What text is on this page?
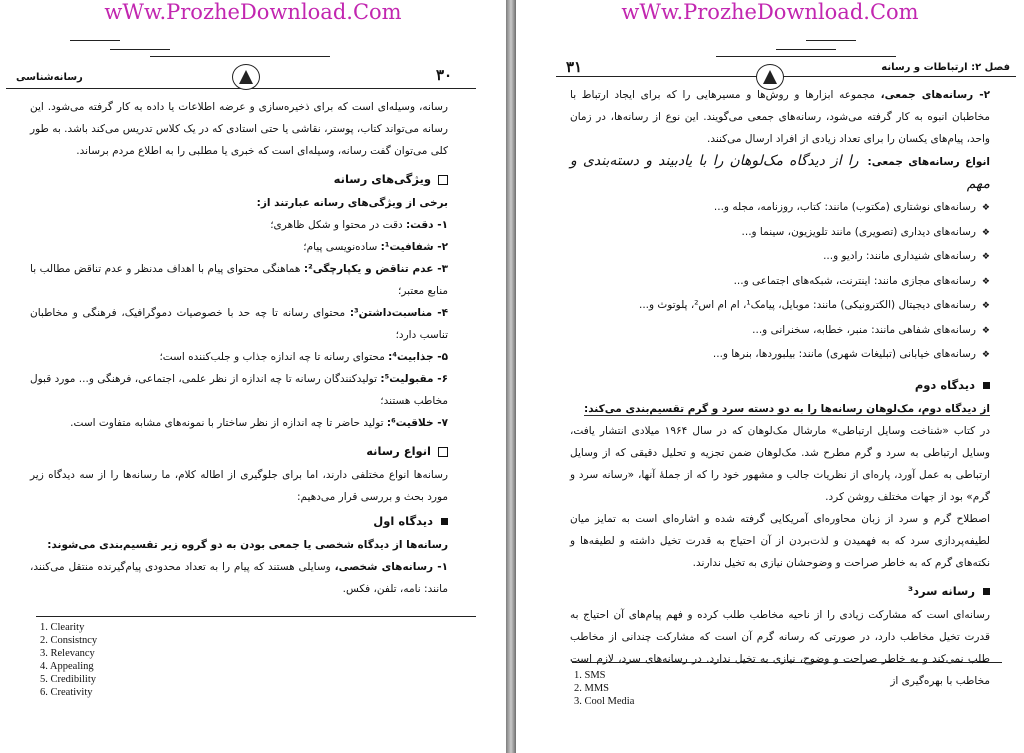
wWw.ProzheDownload.Com
۳۰
رسانه‌شناسی

رسانه، وسیله‌ای است که برای ذخیره‌سازی و عرضه اطلاعات یا داده به کار گرفته می‌شود. این رسانه می‌تواند کتاب، پوستر، نقاشی یا حتی استادی که در یک کلاس تدریس می‌کند باشد. به طور کلی می‌توان گفت رسانه، وسیله‌ای است که خبری یا مطلبی را به اطلاع مردم برساند.

ویژگی‌های رسانه

برخی از ویژگی‌های رسانه عبارتند از:

۱- دقت: دقت در محتوا و شکل ظاهری؛

۲- شفافیت¹: ساده‌نویسی پیام؛

۳- عدم تناقض و یکپارچگی²: هماهنگی محتوای پیام با اهداف مدنظر و عدم تناقض مطالب با منابع معتبر؛

۴- مناسبت‌داشتن³: محتوای رسانه تا چه حد با خصوصیات دموگرافیک، فرهنگی و مخاطبان تناسب دارد؛

۵- جذابیت⁴: محتوای رسانه تا چه اندازه جذاب و جلب‌کننده است؛

۶- مقبولیت⁵: تولیدکنندگان رسانه تا چه اندازه از نظر علمی، اجتماعی، فرهنگی و... مورد قبول مخاطب هستند؛

۷- خلاقیت⁶: تولید حاضر تا چه اندازه از نظر ساختار با نمونه‌های مشابه متفاوت است.

انواع رسانه

رسانه‌ها انواع مختلفی دارند، اما برای جلوگیری از اطاله کلام، ما رسانه‌ها را از سه دیدگاه زیر مورد بحث و بررسی قرار می‌دهیم:

دیدگاه اول

رسانه‌ها از دیدگاه شخصی یا جمعی بودن به دو گروه زیر تقسیم‌بندی می‌شوند:

۱- رسانه‌های شخصی، وسایلی هستند که پیام را به تعداد محدودی پیام‌گیرنده منتقل می‌کنند، مانند: نامه، تلفن، فکس.

1. Clearity
2. Consistncy
3. Relevancy
4. Appealing
5. Credibility
6. Creativity
wWw.ProzheDownload.Com
۳۱	فصل ۲: ارتباطات و رسانه

۲- رسانه‌های جمعی، مجموعه ابزارها و روش‌ها و مسیرهایی را که برای ایجاد ارتباط با مخاطبان انبوه به کار گرفته می‌شود، رسانه‌های جمعی می‌گویند. این نوع از رسانه‌ها، در زمان واحد، پیام‌های یکسان را برای تعداد زیادی از افراد ارسال می‌کنند.

انواع رسانه‌های جمعی: را از دیدگاه مک‌لوهان را با یادبیند و دسته‌بندی و مهم

❖رسانه‌های نوشتاری (مکتوب) مانند: کتاب، روزنامه، مجله و...

❖رسانه‌های دیداری (تصویری) مانند تلویزیون، سینما و...

❖رسانه‌های شنیداری مانند: رادیو و...

❖رسانه‌های مجازی مانند: اینترنت، شبکه‌های اجتماعی و...

❖رسانه‌های دیجیتال (الکترونیکی) مانند: موبایل، پیامک¹، ام ام اس²، پلوتوث و...

❖رسانه‌های شفاهی مانند: منبر، خطابه، سخنرانی و...

❖رسانه‌های خیابانی (تبلیغات شهری) مانند: بیلبوردها، بنرها و...

دیدگاه دوم

از دیدگاه دوم، مک‌لوهان رسانه‌ها را به دو دسته سرد و گرم تقسیم‌بندی می‌کند:

در کتاب «شناخت وسایل ارتباطی» مارشال مک‌لوهان که در سال ۱۹۶۴ میلادی انتشار یافت، وسایل ارتباطی به سرد و گرم مطرح شد. مک‌لوهان ضمن تجزیه و تحلیل دقیقی که از وسایل ارتباطی به عمل آورد، پاره‌ای از نظریات جالب و مشهور خود را که از جملهٔ آنها، «رسانه سرد و گرم» بود از جهات مختلف روشن کرد.

اصطلاح گرم و سرد از زبان محاوره‌ای آمریکایی گرفته شده و اشاره‌ای است به تمایز میان لطیفه‌پردازی سرد که به فهمیدن و لذت‌بردن از آن احتیاج به قدرت تخیل داشته و لطیفه‌ها و نکته‌های گرم که به خاطر صراحت و وضوحشان نیازی به تخیل ندارند.

رسانه سرد³

رسانه‌ای است که مشارکت زیادی را از ناحیه مخاطب طلب کرده و فهم پیام‌های آن احتیاج به قدرت تخیل مخاطب دارد، در صورتی که رسانه گرم آن است که مشارکت چندانی از مخاطب طلب نمی‌کند و به خاطر صراحت و وضوح، نیازی به تخیل ندارد. در رسانه‌های سرد، لازم است مخاطب با بهره‌گیری از

1. SMS
2. MMS
3. Cool Media
